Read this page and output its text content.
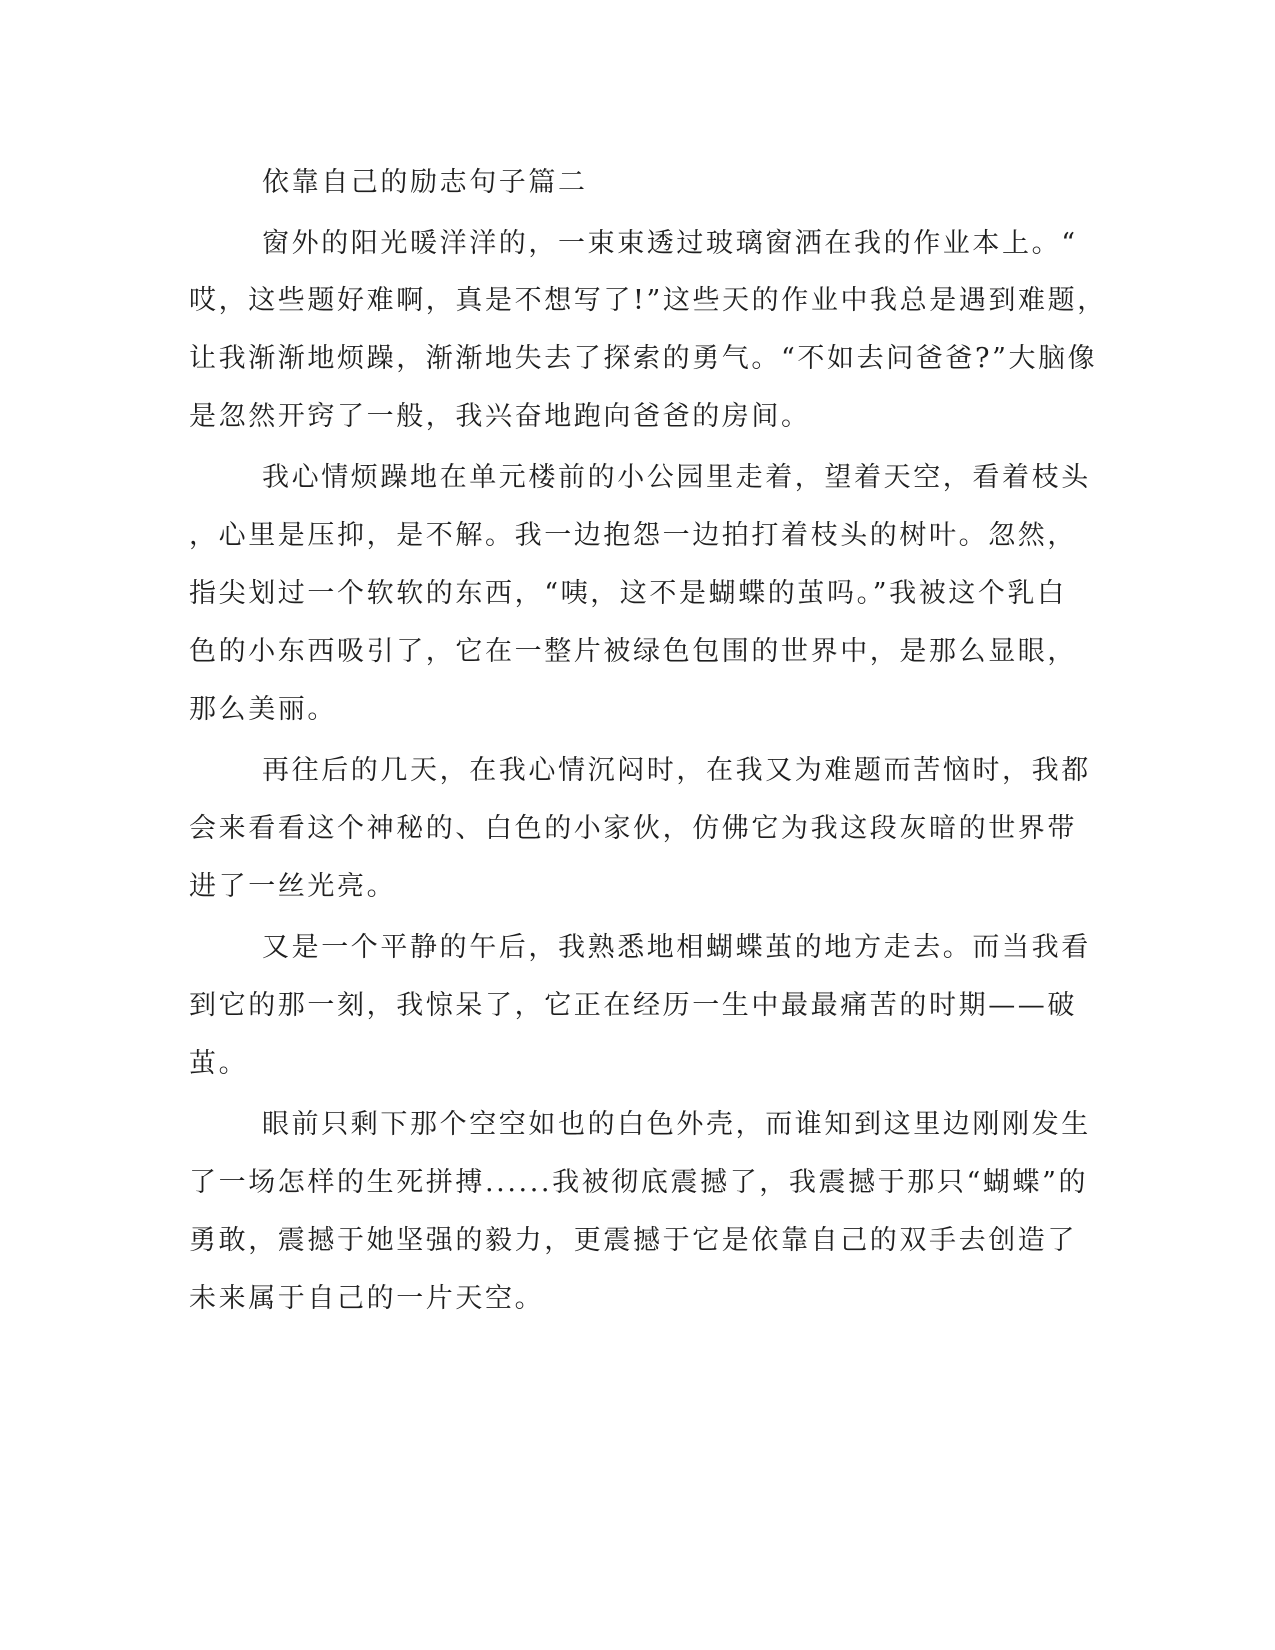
依靠自己的励志句子篇二

窗外的阳光暖洋洋的，一束束透过玻璃窗洒在我的作业本上。“

哎，这些题好难啊，真是不想写了!”这些天的作业中我总是遇到难题，

让我渐渐地烦躁，渐渐地失去了探索的勇气。“不如去问爸爸?”大脑像

是忽然开窍了一般，我兴奋地跑向爸爸的房间。

我心情烦躁地在单元楼前的小公园里走着，望着天空，看着枝头

，心里是压抑，是不解。我一边抱怨一边拍打着枝头的树叶。忽然，

指尖划过一个软软的东西，“咦，这不是蝴蝶的茧吗。”我被这个乳白

色的小东西吸引了，它在一整片被绿色包围的世界中，是那么显眼，

那么美丽。

再往后的几天，在我心情沉闷时，在我又为难题而苦恼时，我都

会来看看这个神秘的、白色的小家伙，仿佛它为我这段灰暗的世界带

进了一丝光亮。

又是一个平静的午后，我熟悉地相蝴蝶茧的地方走去。而当我看

到它的那一刻，我惊呆了，它正在经历一生中最最痛苦的时期——破

茧。

眼前只剩下那个空空如也的白色外壳，而谁知到这里边刚刚发生

了一场怎样的生死拼搏......我被彻底震撼了，我震撼于那只“蝴蝶”的

勇敢，震撼于她坚强的毅力，更震撼于它是依靠自己的双手去创造了

未来属于自己的一片天空。
